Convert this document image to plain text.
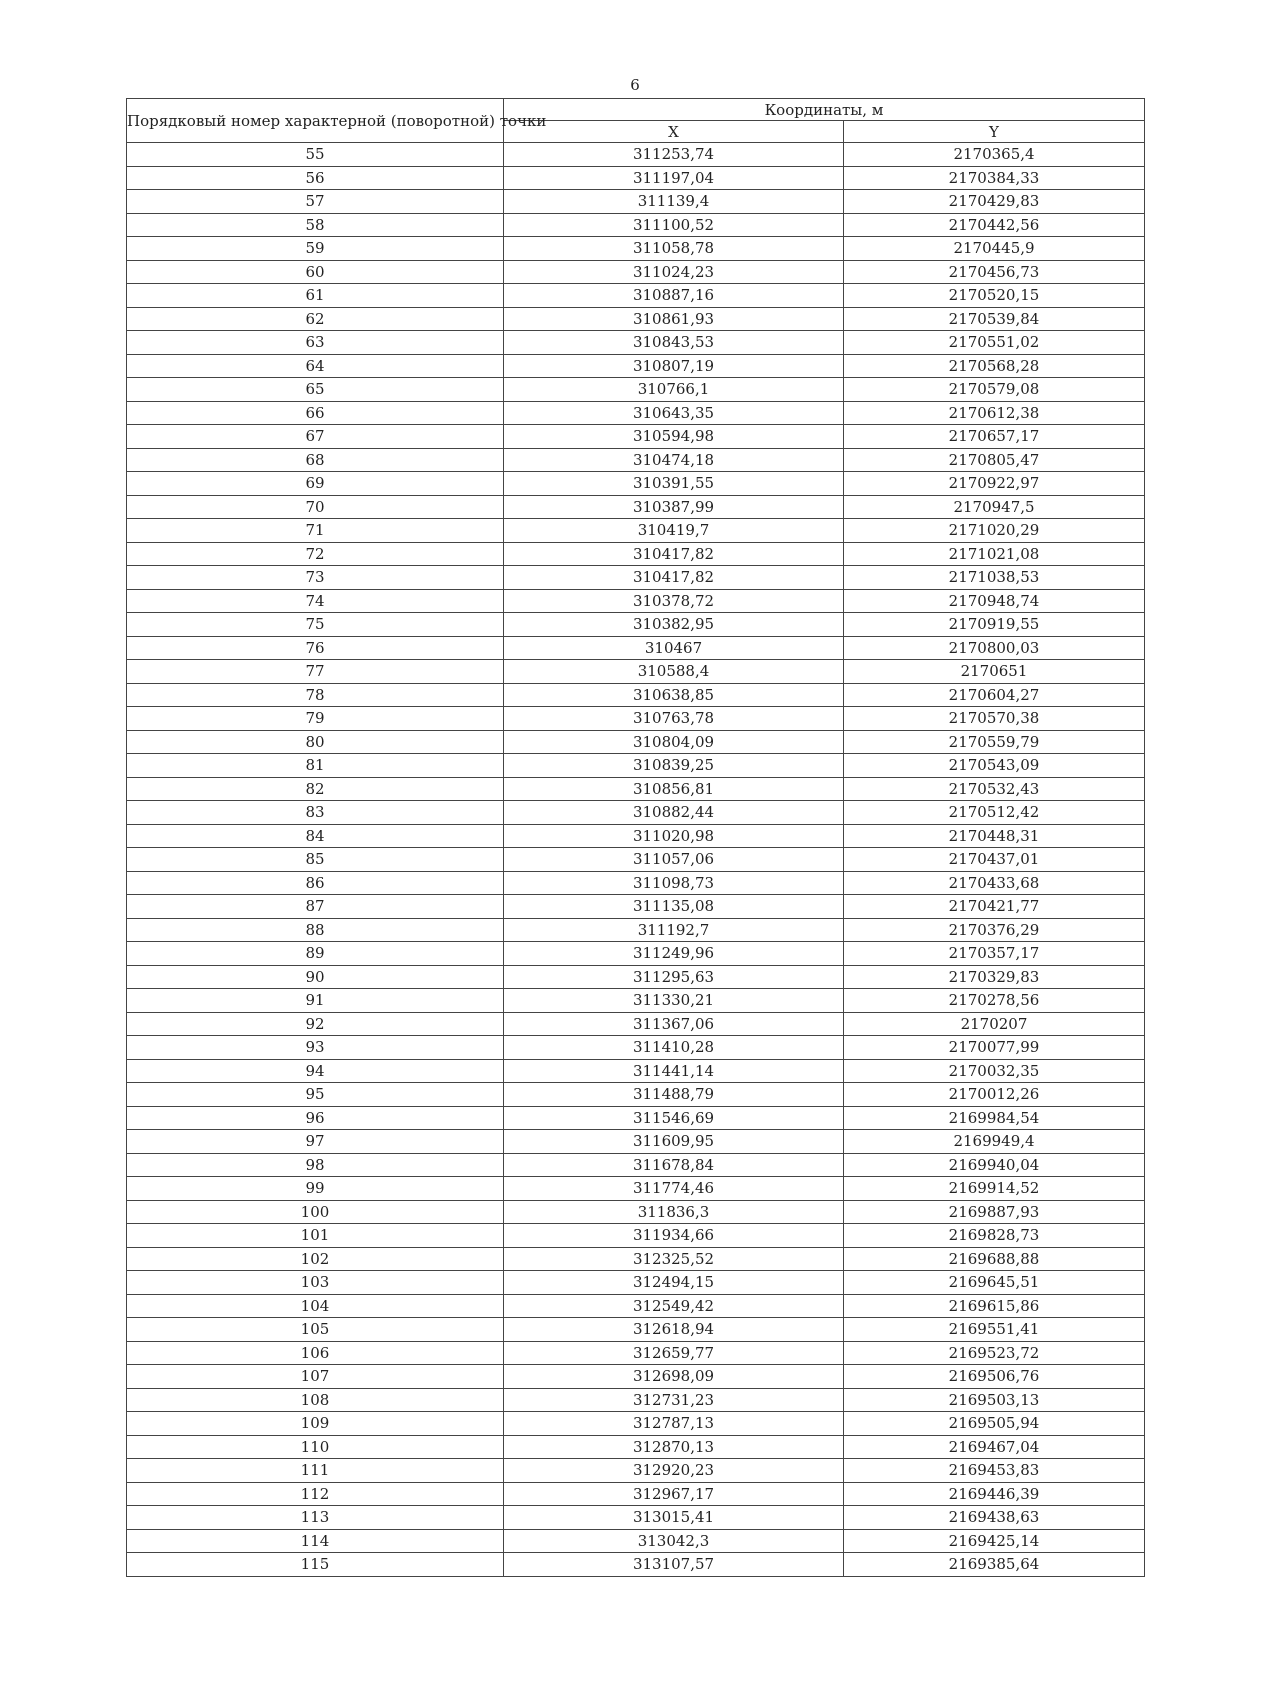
6
Порядковый номер характерной (поворотной) точки	Координаты, м	
	X	Y
55	311253,74	2170365,4
56	311197,04	2170384,33
57	311139,4	2170429,83
58	311100,52	2170442,56
59	311058,78	2170445,9
60	311024,23	2170456,73
61	310887,16	2170520,15
62	310861,93	2170539,84
63	310843,53	2170551,02
64	310807,19	2170568,28
65	310766,1	2170579,08
66	310643,35	2170612,38
67	310594,98	2170657,17
68	310474,18	2170805,47
69	310391,55	2170922,97
70	310387,99	2170947,5
71	310419,7	2171020,29
72	310417,82	2171021,08
73	310417,82	2171038,53
74	310378,72	2170948,74
75	310382,95	2170919,55
76	310467	2170800,03
77	310588,4	2170651
78	310638,85	2170604,27
79	310763,78	2170570,38
80	310804,09	2170559,79
81	310839,25	2170543,09
82	310856,81	2170532,43
83	310882,44	2170512,42
84	311020,98	2170448,31
85	311057,06	2170437,01
86	311098,73	2170433,68
87	311135,08	2170421,77
88	311192,7	2170376,29
89	311249,96	2170357,17
90	311295,63	2170329,83
91	311330,21	2170278,56
92	311367,06	2170207
93	311410,28	2170077,99
94	311441,14	2170032,35
95	311488,79	2170012,26
96	311546,69	2169984,54
97	311609,95	2169949,4
98	311678,84	2169940,04
99	311774,46	2169914,52
100	311836,3	2169887,93
101	311934,66	2169828,73
102	312325,52	2169688,88
103	312494,15	2169645,51
104	312549,42	2169615,86
105	312618,94	2169551,41
106	312659,77	2169523,72
107	312698,09	2169506,76
108	312731,23	2169503,13
109	312787,13	2169505,94
110	312870,13	2169467,04
111	312920,23	2169453,83
112	312967,17	2169446,39
113	313015,41	2169438,63
114	313042,3	2169425,14
115	313107,57	2169385,64
